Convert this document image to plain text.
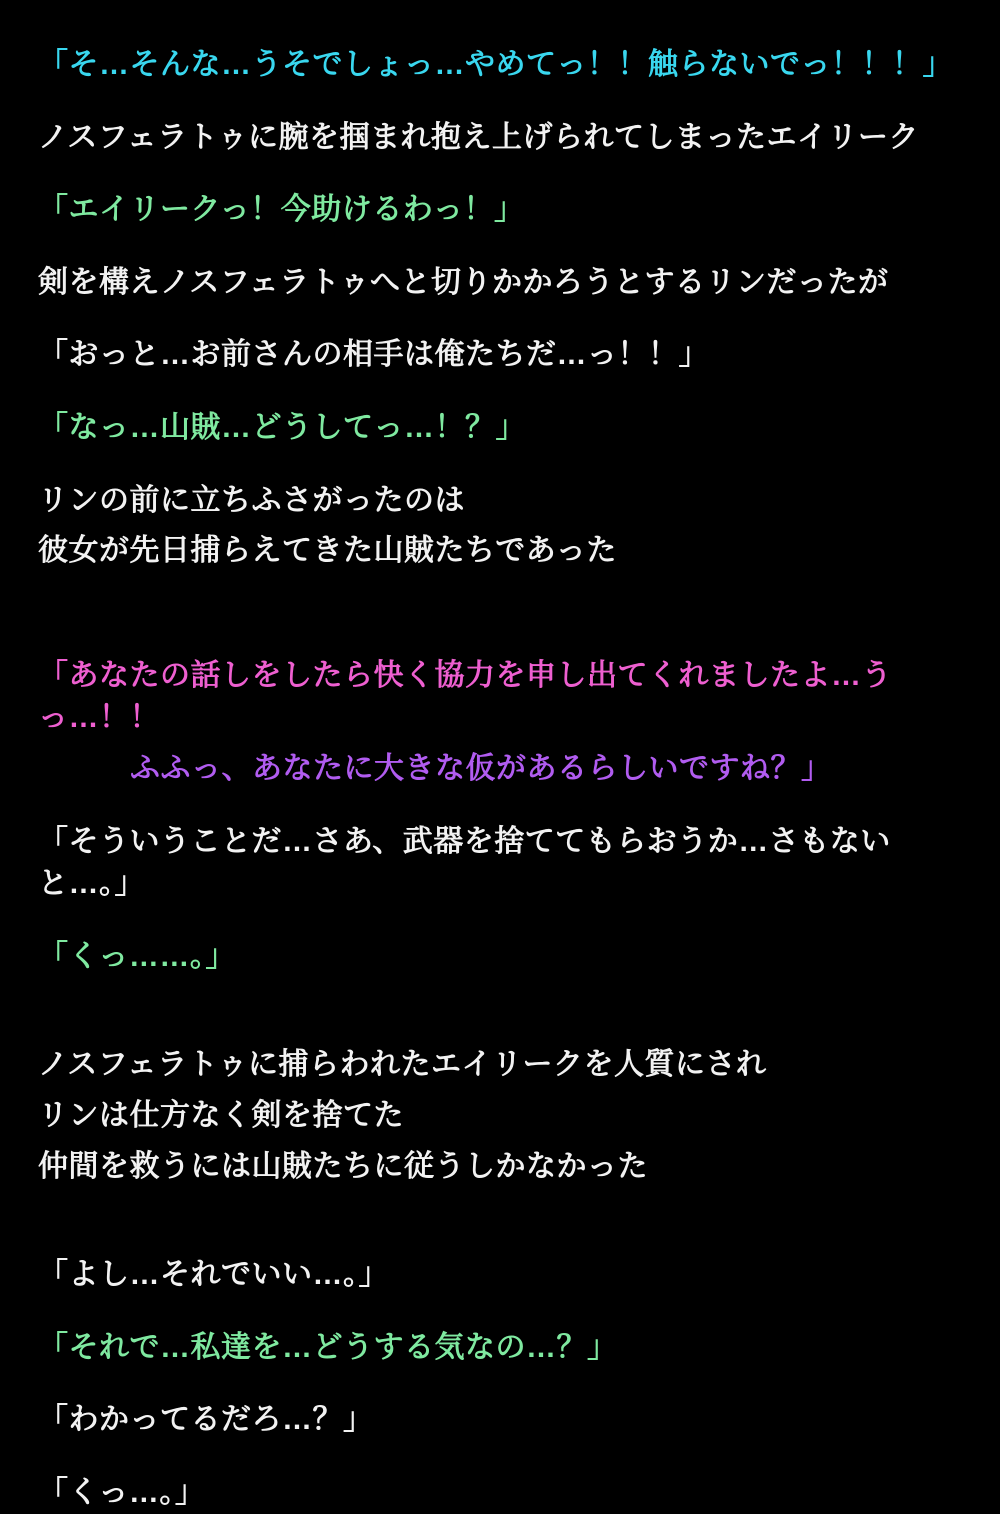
「そ…そんな…うそでしょっ…やめてっ！！触らないでっ！！！」

ノスフェラトゥに腕を掴まれ抱え上げられてしまったエイリーク

「エイリークっ！今助けるわっ！」

剣を構えノスフェラトゥへと切りかかろうとするリンだったが

「おっと…お前さんの相手は俺たちだ…っ！！」

「なっ…山賊…どうしてっ…！？」

リンの前に立ちふさがったのは

彼女が先日捕らえてきた山賊たちであった

「あなたの話しをしたら快く協力を申し出てくれましたよ…うっ…！！

ふふっ、あなたに大きな仮があるらしいですね？」

「そういうことだ…さあ、武器を捨ててもらおうか…さもないと…。」

「くっ……。」

ノスフェラトゥに捕らわれたエイリークを人質にされ

リンは仕方なく剣を捨てた

仲間を救うには山賊たちに従うしかなかった

「よし…それでいい…。」

「それで…私達を…どうする気なの…？」

「わかってるだろ…？」

「くっ…。」
